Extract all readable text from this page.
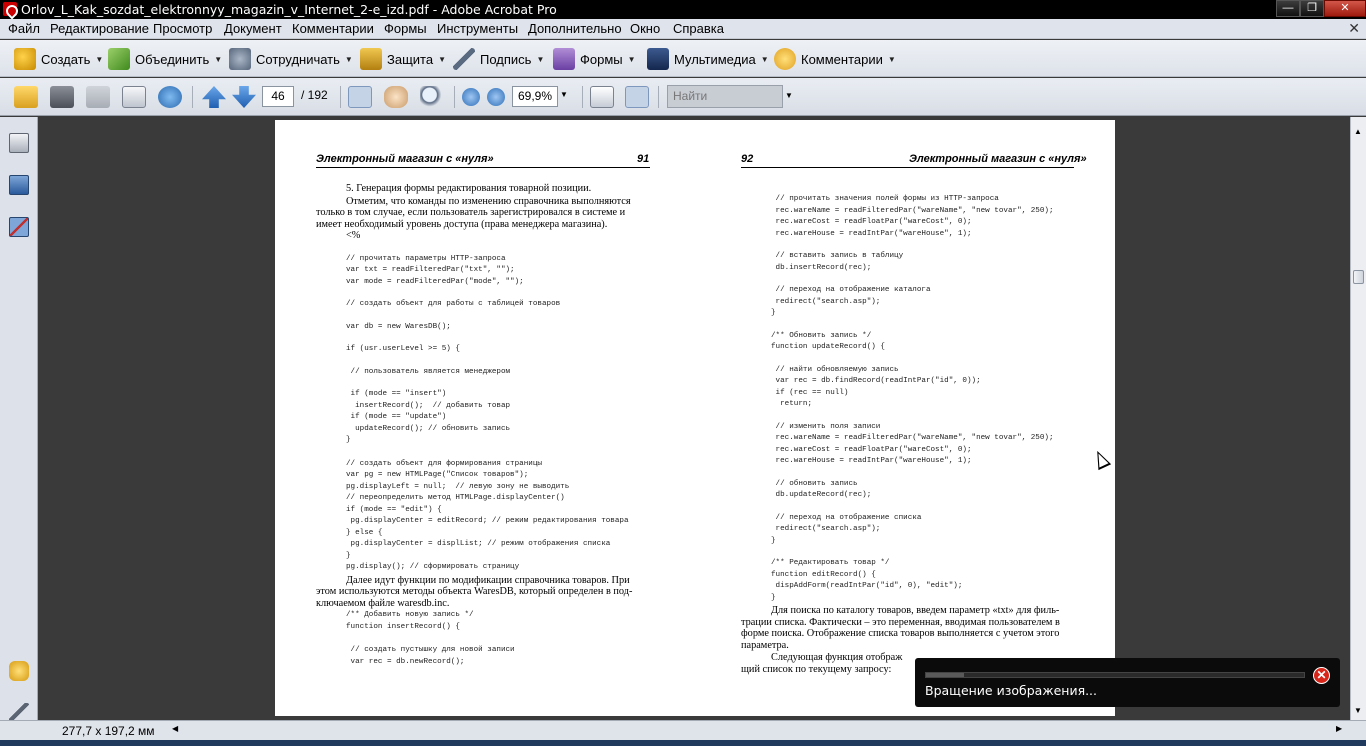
Orlov_L_Kak_sozdat_elektronnyy_magazin_v_Internet_2-e_izd.pdf - Adobe Acrobat Pro	—	❐	✕
Файл Редактирование Просмотр Документ Комментарии Формы Инструменты Дополнительно Окно Справка	✕
Создать ▼ Объединить ▼	Сотрудничать ▼	Защита ▼	Подпись ▼	Формы ▼	Мультимедиа ▼ Комментарии ▼
46	/ 192	69,9% ▼	Найти	▼
Электронный магазин с «нуля»	91	92	Электронный магазин с «нуля»
5. Генерация формы редактирования товарной позиции.
Отметим, что команды по изменению справочника выполняются
только в том случае, если пользователь зарегистрировался в системе и
имеет необходимый уровень доступа (права менеджера магазина).
<%
// прочитать параметры HTTP-запроса
var txt = readFilteredPar("txt", "");
var mode = readFilteredPar("mode", "");
// создать объект для работы с таблицей товаров
var db = new WaresDB();
if (usr.userLevel >= 5) {
// пользователь является менеджером
if (mode == "insert")
insertRecord();  // добавить товар
if (mode == "update")
updateRecord(); // обновить запись
}
// создать объект для формирования страницы
var pg = new HTMLPage("Список товаров");
pg.displayLeft = null;  // левую зону не выводить
// переопределить метод HTMLPage.displayCenter()
if (mode == "edit") {
pg.displayCenter = editRecord; // режим редактирования товара
} else {
pg.displayCenter = displList; // режим отображения списка
}
pg.display(); // сформировать страницу
Далее идут функции по модификации справочника товаров. При
этом используются методы объекта WaresDB, который определен в под-
ключаемом файле waresdb.inc.
/** Добавить новую запись */
function insertRecord() {
// создать пустышку для новой записи
var rec = db.newRecord();
// прочитать значения полей формы из HTTP-запроса
rec.wareName = readFilteredPar("wareName", "new tovar", 250);
rec.wareCost = readFloatPar("wareCost", 0);
rec.wareHouse = readIntPar("wareHouse", 1);
// вставить запись в таблицу
db.insertRecord(rec);
// переход на отображение каталога
redirect("search.asp");
}
/** Обновить запись */
function updateRecord() {
// найти обновляемую запись
var rec = db.findRecord(readIntPar("id", 0));
if (rec == null)
return;
// изменить поля записи
rec.wareName = readFilteredPar("wareName", "new tovar", 250);
rec.wareCost = readFloatPar("wareCost", 0);
rec.wareHouse = readIntPar("wareHouse", 1);
// обновить запись
db.updateRecord(rec);
// переход на отображение списка
redirect("search.asp");
}
/** Редактировать товар */
function editRecord() {
dispAddForm(readIntPar("id", 0), "edit");
}
Для поиска по каталогу товаров, введем параметр «txt» для филь-
трации списка. Фактически – это переменная, вводимая пользователем в
форме поиска. Отображение списка товаров выполняется с учетом этого
параметра.
Следующая функция отображ
щий список по текущему запросу:
▲
▼
277,7 x 197,2 мм ◀	▶
Вращение изображения...
✕
